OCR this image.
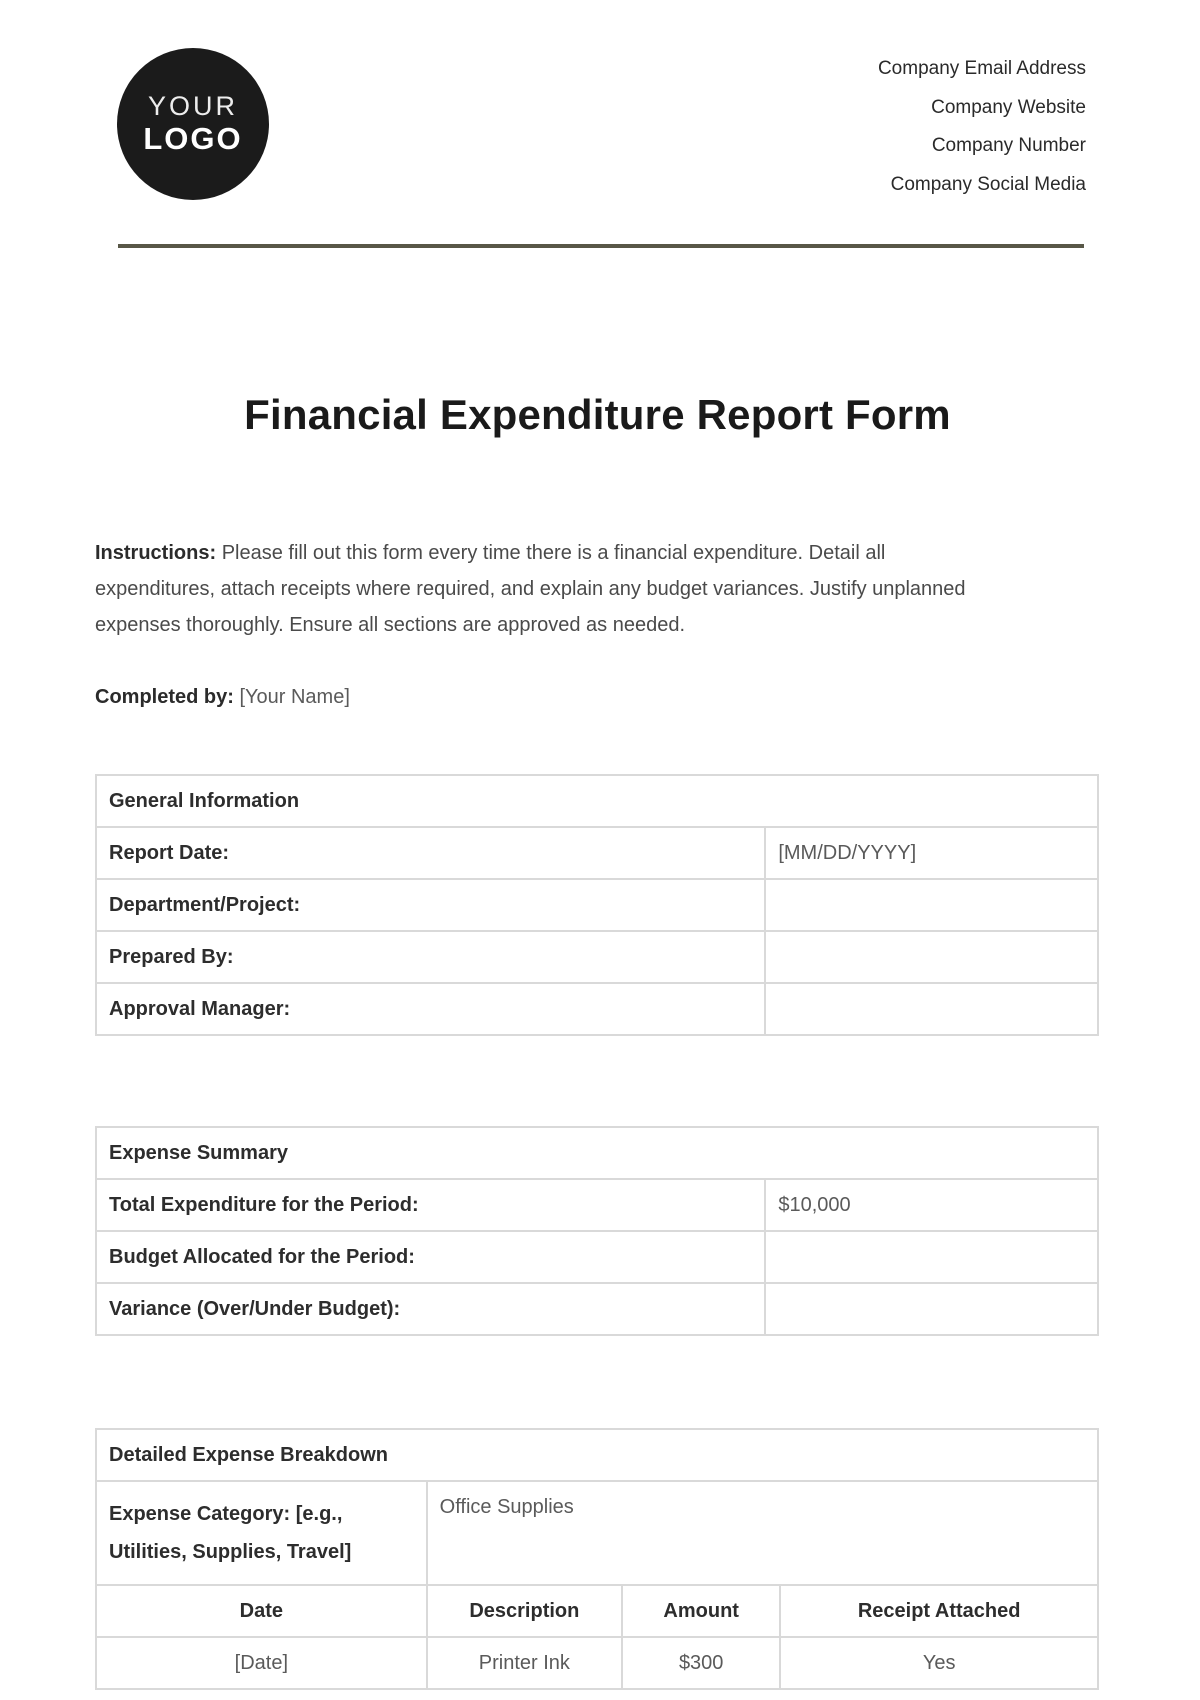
YOUR
LOGO
Company Email Address
Company Website
Company Number
Company Social Media
Financial Expenditure Report Form

Instructions: Please fill out this form every time there is a financial expenditure. Detail all expenditures, attach receipts where required, and explain any budget variances. Justify unplanned expenses thoroughly. Ensure all sections are approved as needed.

Completed by: [Your Name]

General Information	
Report Date:	[MM/DD/YYYY]
Department/Project:	
Prepared By:	
Approval Manager:	
Expense Summary	
Total Expenditure for the Period:	$10,000
Budget Allocated for the Period:	
Variance (Over/Under Budget):	
Detailed Expense Breakdown			
Expense Category: [e.g., Utilities, Supplies, Travel]	Office Supplies		
Date	Description	Amount	Receipt Attached
[Date]	Printer Ink	$300	Yes
